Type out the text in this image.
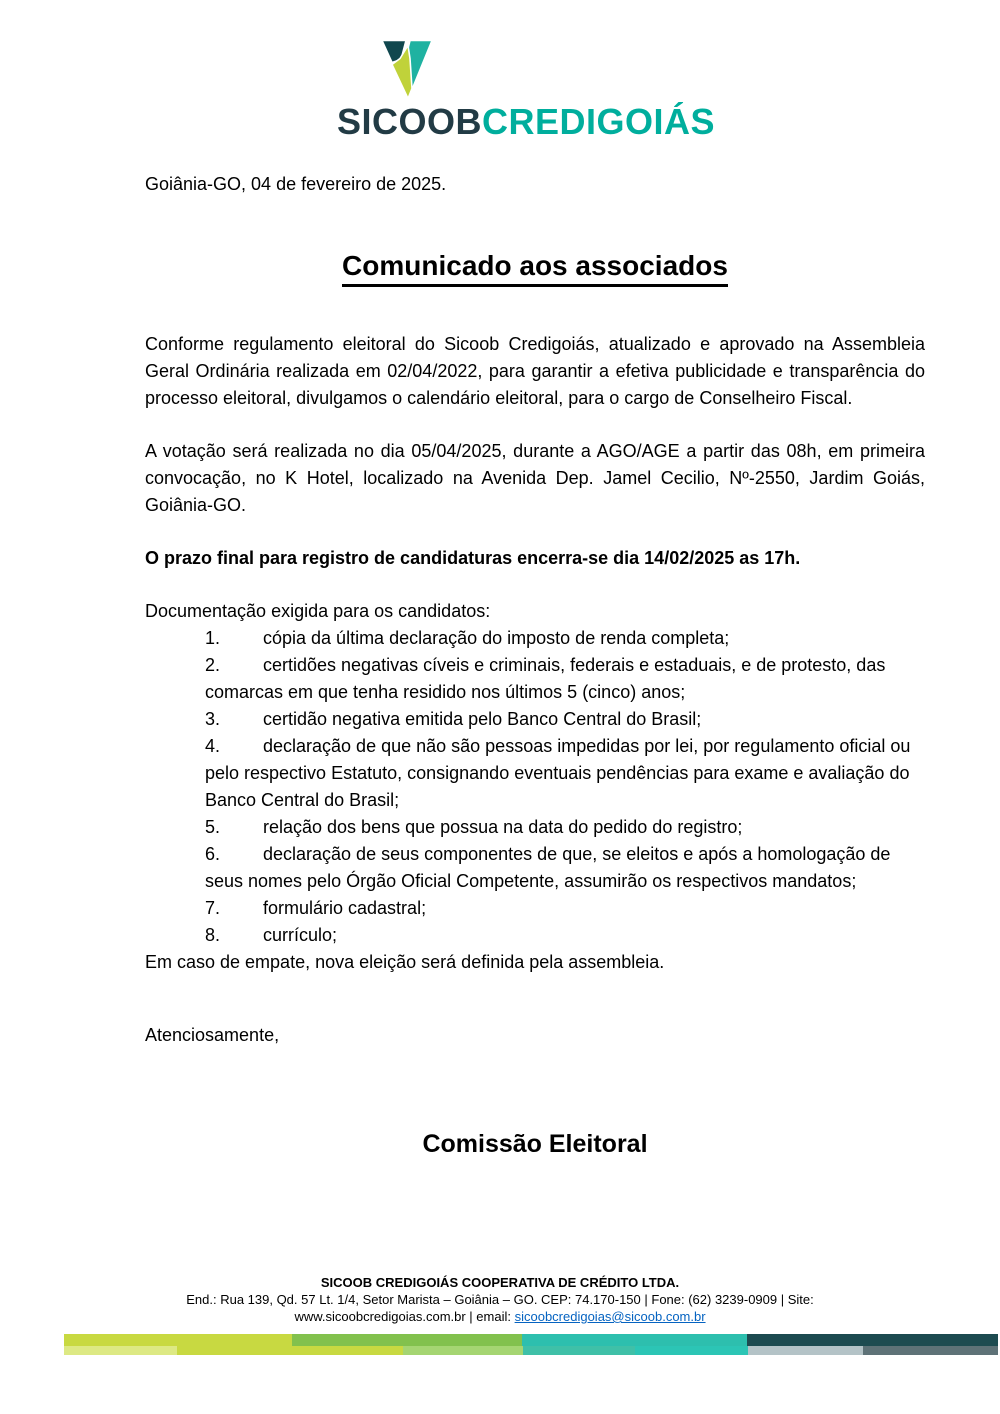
SICOOBCREDIGOIÁS
Goiânia-GO, 04 de fevereiro de 2025.
Comunicado aos associados

Conforme regulamento eleitoral do Sicoob Credigoiás, atualizado e aprovado na Assembleia Geral Ordinária realizada em 02/04/2022, para garantir a efetiva publicidade e transparência do processo eleitoral, divulgamos o calendário eleitoral, para o cargo de Conselheiro Fiscal.

A votação será realizada no dia 05/04/2025, durante a AGO/AGE a partir das 08h, em primeira convocação, no K Hotel, localizado na Avenida Dep. Jamel Cecilio, Nº-2550, Jardim Goiás, Goiânia-GO.

O prazo final para registro de candidaturas encerra-se dia 14/02/2025 as 17h.

Documentação exigida para os candidatos:
1. cópia da última declaração do imposto de renda completa;
2. certidões negativas cíveis e criminais, federais e estaduais, e de protesto, das comarcas em que tenha residido nos últimos 5 (cinco) anos;
3. certidão negativa emitida pelo Banco Central do Brasil;
4. declaração de que não são pessoas impedidas por lei, por regulamento oficial ou pelo respectivo Estatuto, consignando eventuais pendências para exame e avaliação do Banco Central do Brasil;
5. relação dos bens que possua na data do pedido do registro;
6. declaração de seus componentes de que, se eleitos e após a homologação de seus nomes pelo Órgão Oficial Competente, assumirão os respectivos mandatos;
7. formulário cadastral;
8. currículo;
Em caso de empate, nova eleição será definida pela assembleia.
Atenciosamente,
Comissão Eleitoral
SICOOB CREDIGOIÁS COOPERATIVA DE CRÉDITO LTDA.
End.: Rua 139, Qd. 57 Lt. 1/4, Setor Marista – Goiânia – GO. CEP: 74.170-150 | Fone: (62) 3239-0909 | Site:
www.sicoobcredigoias.com.br | email: sicoobcredigoias@sicoob.com.br
